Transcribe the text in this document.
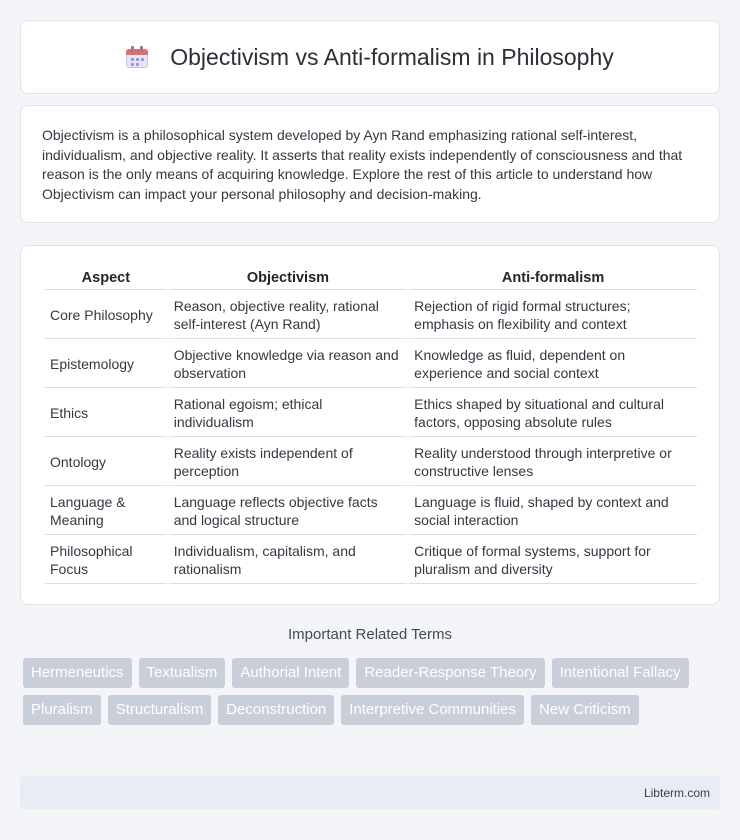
Objectivism vs Anti-formalism in Philosophy

Objectivism is a philosophical system developed by Ayn Rand emphasizing rational self-interest, individualism, and objective reality. It asserts that reality exists independently of consciousness and that reason is the only means of acquiring knowledge. Explore the rest of this article to understand how Objectivism can impact your personal philosophy and decision-making.

Aspect	Objectivism	Anti-formalism
Core Philosophy	Reason, objective reality, rational self-interest (Ayn Rand)	Rejection of rigid formal structures; emphasis on flexibility and context
Epistemology	Objective knowledge via reason and observation	Knowledge as fluid, dependent on experience and social context
Ethics	Rational egoism; ethical individualism	Ethics shaped by situational and cultural factors, opposing absolute rules
Ontology	Reality exists independent of perception	Reality understood through interpretive or constructive lenses
Language & Meaning	Language reflects objective facts and logical structure	Language is fluid, shaped by context and social interaction
Philosophical Focus	Individualism, capitalism, and rationalism	Critique of formal systems, support for pluralism and diversity
Important Related Terms
Hermeneutics	Textualism	Authorial Intent	Reader-Response Theory	Intentional Fallacy
Pluralism	Structuralism	Deconstruction	Interpretive Communities	New Criticism
Libterm.com
